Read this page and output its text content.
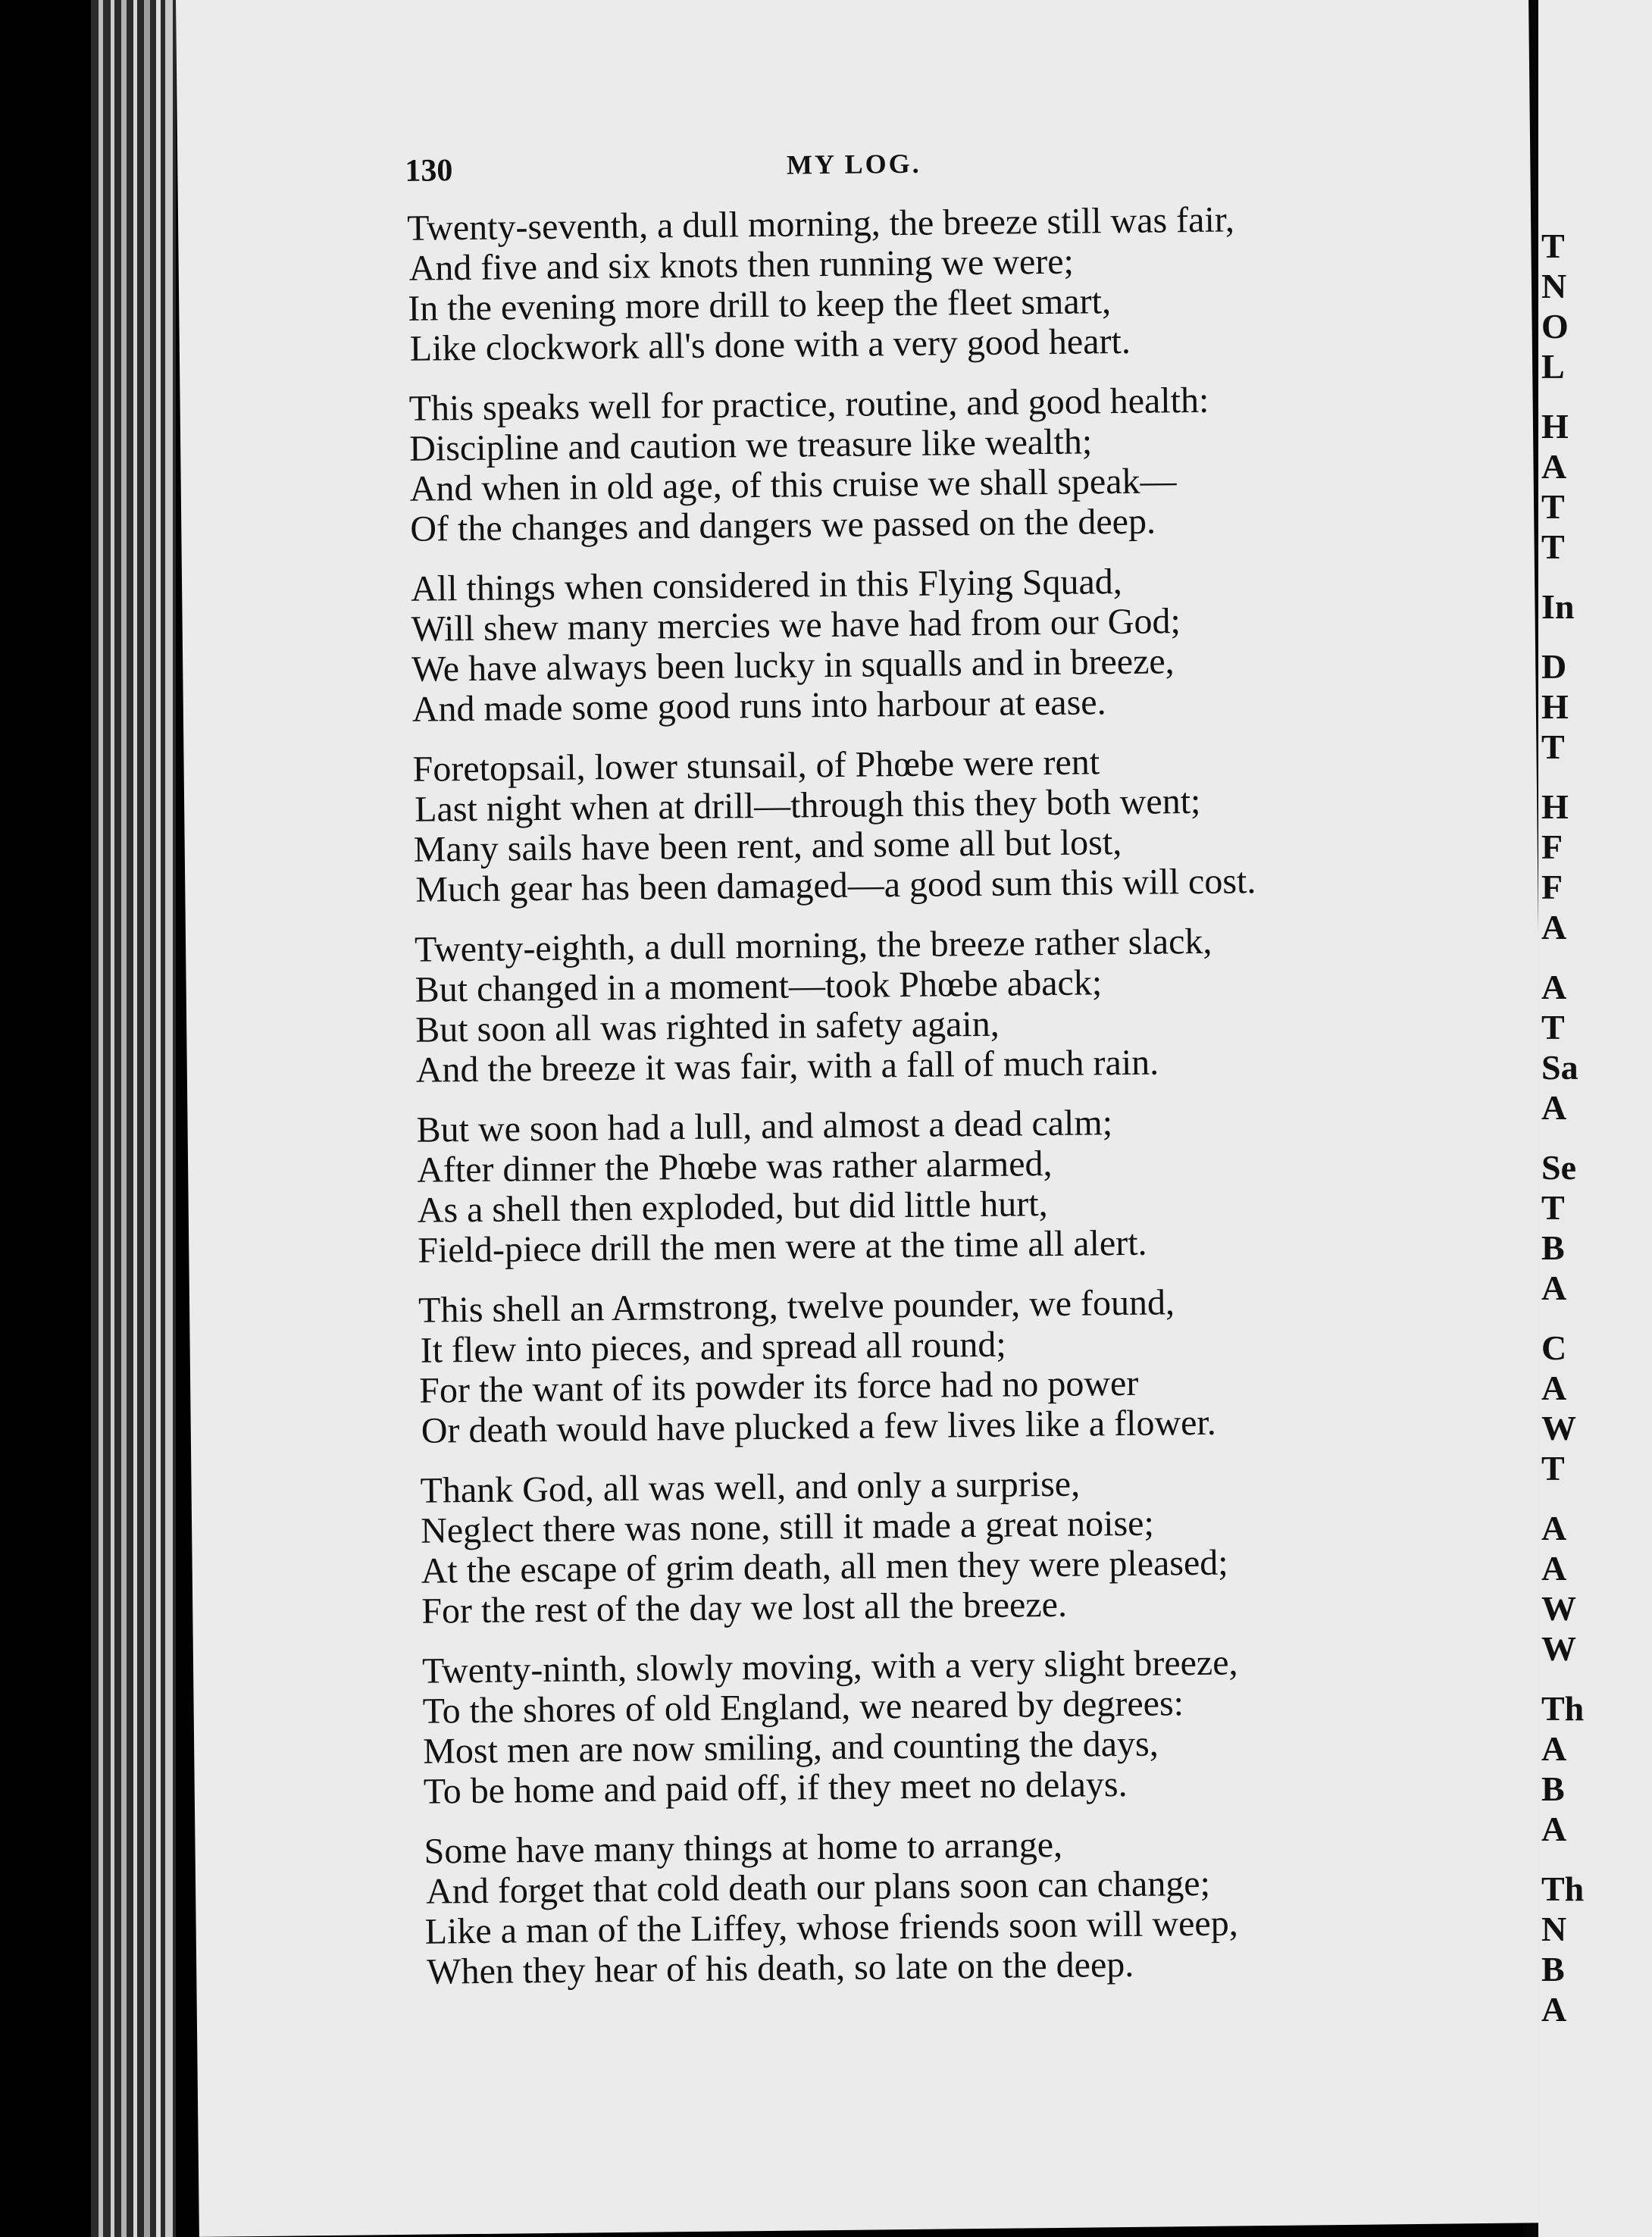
130	MY LOG.
Twenty-seventh, a dull morning, the breeze still was fair,
And five and six knots then running we were;
In the evening more drill to keep the fleet smart,
Like clockwork all's done with a very good heart.
This speaks well for practice, routine, and good health:
Discipline and caution we treasure like wealth;
And when in old age, of this cruise we shall speak—
Of the changes and dangers we passed on the deep.
All things when considered in this Flying Squad,
Will shew many mercies we have had from our God;
We have always been lucky in squalls and in breeze,
And made some good runs into harbour at ease.
Foretopsail, lower stunsail, of Phœbe were rent
Last night when at drill—through this they both went;
Many sails have been rent, and some all but lost,
Much gear has been damaged—a good sum this will cost.
Twenty-eighth, a dull morning, the breeze rather slack,
But changed in a moment—took Phœbe aback;
But soon all was righted in safety again,
And the breeze it was fair, with a fall of much rain.
But we soon had a lull, and almost a dead calm;
After dinner the Phœbe was rather alarmed,
As a shell then exploded, but did little hurt,
Field-piece drill the men were at the time all alert.
This shell an Armstrong, twelve pounder, we found,
It flew into pieces, and spread all round;
For the want of its powder its force had no power
Or death would have plucked a few lives like a flower.
Thank God, all was well, and only a surprise,
Neglect there was none, still it made a great noise;
At the escape of grim death, all men they were pleased;
For the rest of the day we lost all the breeze.
Twenty-ninth, slowly moving, with a very slight breeze,
To the shores of old England, we neared by degrees:
Most men are now smiling, and counting the days,
To be home and paid off, if they meet no delays.
Some have many things at home to arrange,
And forget that cold death our plans soon can change;
Like a man of the Liffey, whose friends soon will weep,
When they hear of his death, so late on the deep.
T
N
O
L
H
A
T
T
In
D
H
T
H
F
F
A
A
T
Sa
A
Se
T
B
A
C
A
W
T
A
A
W
W
Th
A
B
A
Th
N
B
A
